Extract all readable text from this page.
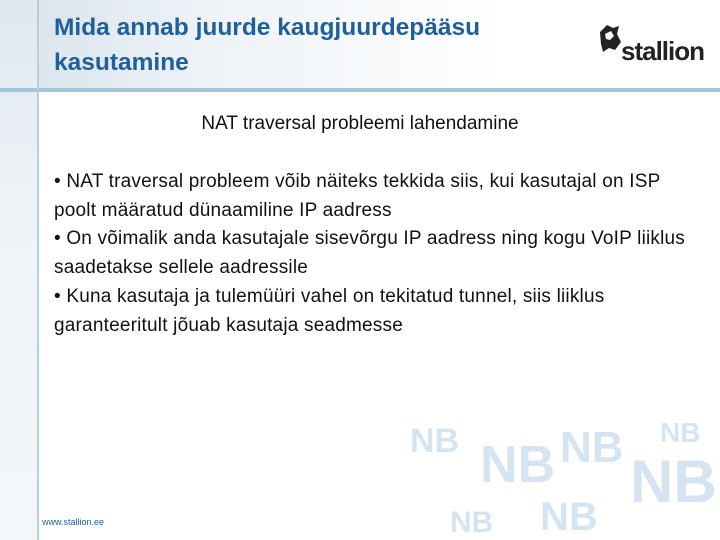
Mida annab juurde kaugjuurdepääsu kasutamine	stallion
NAT traversal probleemi lahendamine

• NAT traversal probleem võib näiteks tekkida siis, kui kasutajal on ISP poolt määratud dünaamiline IP aadress

• On võimalik anda kasutajale sisevõrgu IP aadress ning kogu VoIP liiklus saadetakse sellele aadressile

• Kuna kasutaja ja tulemüüri vahel on tekitatud tunnel, siis liiklus garanteeritult jõuab kasutaja seadmesse

NB NB NB
NB
NB NB
NB
www.stallion.ee
